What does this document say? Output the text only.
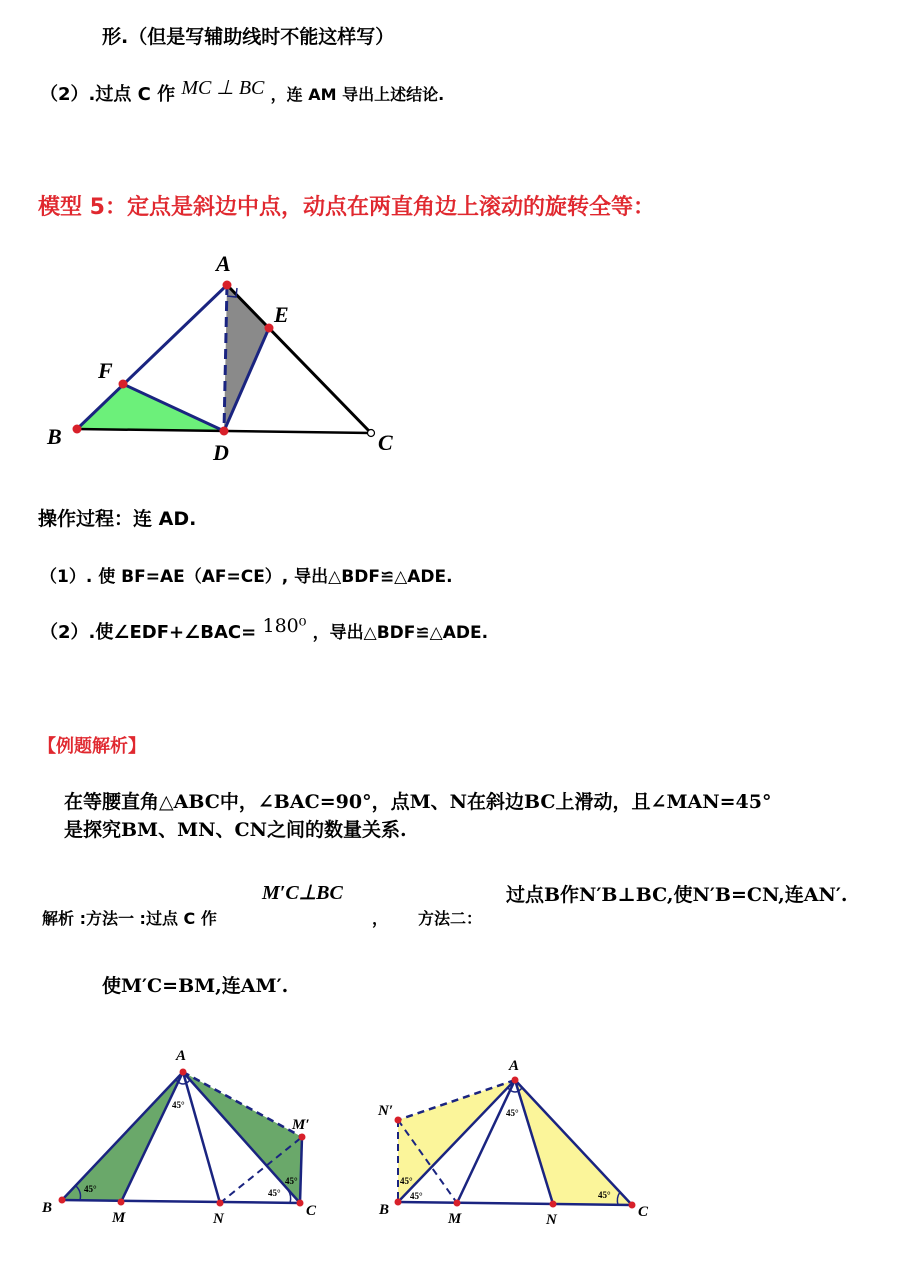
形.（但是写辅助线时不能这样写）
（2）.过点 C 作 MC ⊥ BC ，连 AM 导出上述结论.
模型 5：定点是斜边中点，动点在两直角边上滚动的旋转全等：
A
E
F
B
D	C
操作过程：连 AD.
（1）. 使 BF=AE（AF=CE）, 导出△BDF≌△ADE.
（2）.使∠EDF+∠BAC= 180⁰ ，导出△BDF≌△ADE.
【例题解析】
在等腰直角△ABC中，∠BAC=90°，点M、N在斜边BC上滑动，且∠MAN=45°
是探究BM、MN、CN之间的数量关系.
M′C⊥BC	过点B作N′B⊥BC,使N′B=CN,连AN′.
解析 :方法一 :过点 C 作	， 方法二：
使M′C=BM,连AM′.
A
M′
B
M	N	C
45°
45°	45°
45°
A
N′
B
M	N	C
45°
45°
45°	45°
